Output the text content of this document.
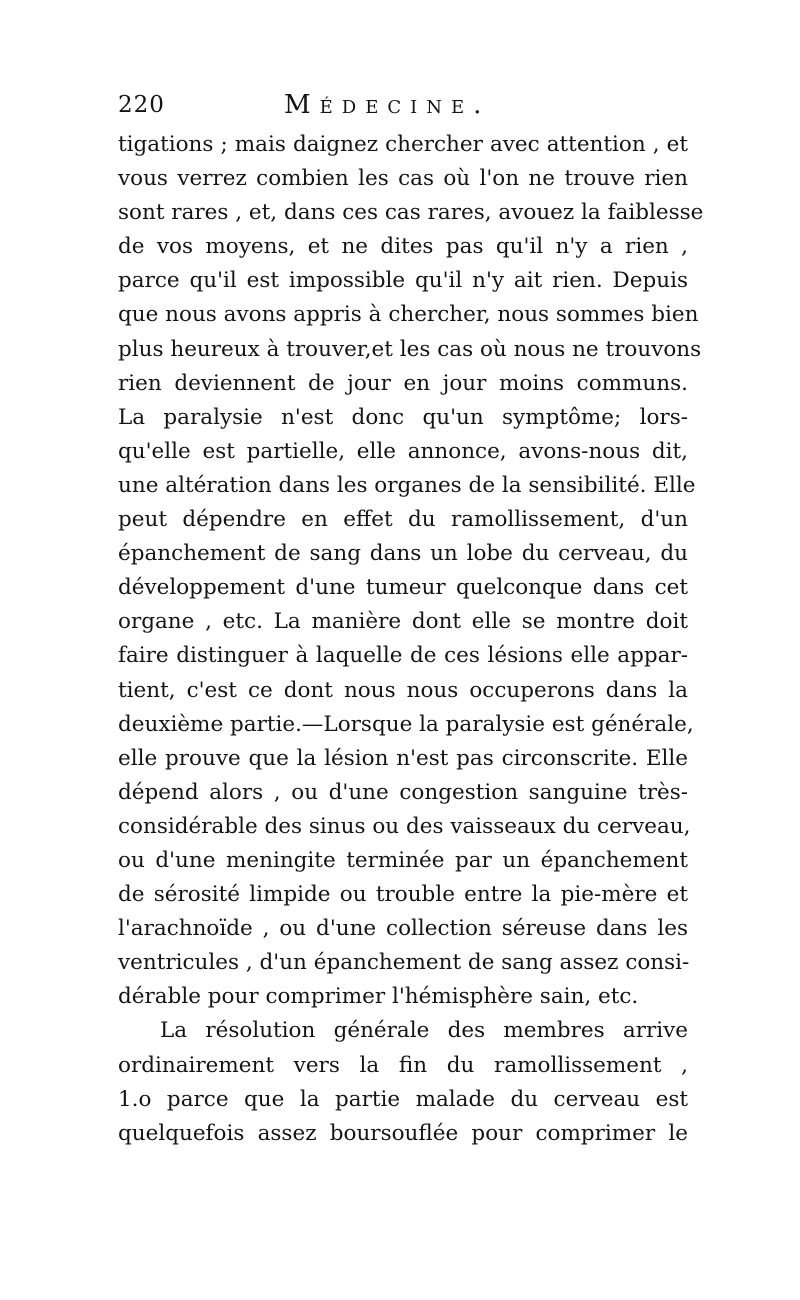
220	Médecine.
tigations ; mais daignez chercher avec attention , et
vous verrez combien les cas où l'on ne trouve rien
sont rares , et, dans ces cas rares, avouez la faiblesse
de vos moyens, et ne dites pas qu'il n'y a rien ,
parce qu'il est impossible qu'il n'y ait rien. Depuis
que nous avons appris à chercher, nous sommes bien
plus heureux à trouver,et les cas où nous ne trouvons
rien deviennent de jour en jour moins communs.
La paralysie n'est donc qu'un symptôme; lors-
qu'elle est partielle, elle annonce, avons-nous dit,
une altération dans les organes de la sensibilité. Elle
peut dépendre en effet du ramollissement, d'un
épanchement de sang dans un lobe du cerveau, du
développement d'une tumeur quelconque dans cet
organe , etc. La manière dont elle se montre doit
faire distinguer à laquelle de ces lésions elle appar-
tient, c'est ce dont nous nous occuperons dans la
deuxième partie.—Lorsque la paralysie est générale,
elle prouve que la lésion n'est pas circonscrite. Elle
dépend alors , ou d'une congestion sanguine très-
considérable des sinus ou des vaisseaux du cerveau,
ou d'une meningite terminée par un épanchement
de sérosité limpide ou trouble entre la pie-mère et
l'arachnoïde , ou d'une collection séreuse dans les
ventricules , d'un épanchement de sang assez consi-
dérable pour comprimer l'hémisphère sain, etc.
La résolution générale des membres arrive
ordinairement vers la fin du ramollissement ,
1.o parce que la partie malade du cerveau est
quelquefois assez boursouflée pour comprimer le
